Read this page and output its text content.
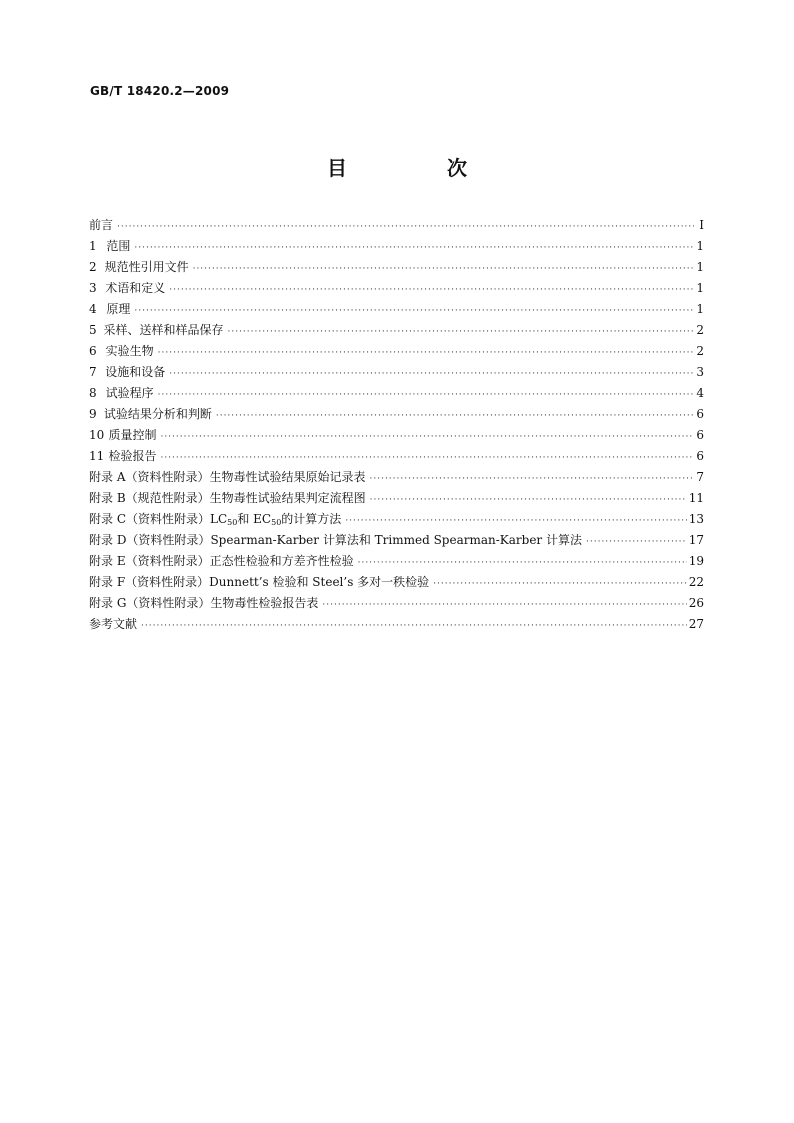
GB/T 18420.2—2009
目　次
前言 ·····	Ⅰ
1 范围 ·····	1
2 规范性引用文件 ·····	1
3 术语和定义 ·····	1
4 原理 ·····	1
5 采样、送样和样品保存 ·····	2
6 实验生物 ·····	2
7 设施和设备 ·····	3
8 试验程序 ·····	4
9 试验结果分析和判断 ·····	6
10 质量控制 ·····	6
11 检验报告 ·····	6
附录 A（资料性附录） 生物毒性试验结果原始记录表 ·····	7
附录 B（规范性附录） 生物毒性试验结果判定流程图 ·····	11
附录 C（资料性附录） $LC_{50}$和 $EC_{50}$的计算方法 ·····	13
附录 D（资料性附录） Spearman-Karber 计算法和 Trimmed Spearman-Karber 计算法 ·····	17
附录 E（资料性附录） 正态性检验和方差齐性检验 ·····	19
附录 F（资料性附录） Dunnett’s 检验和 Steel’s 多对一秩检验 ·····	22
附录 G（资料性附录） 生物毒性检验报告表 ·····	26
参考文献 ·····	27
